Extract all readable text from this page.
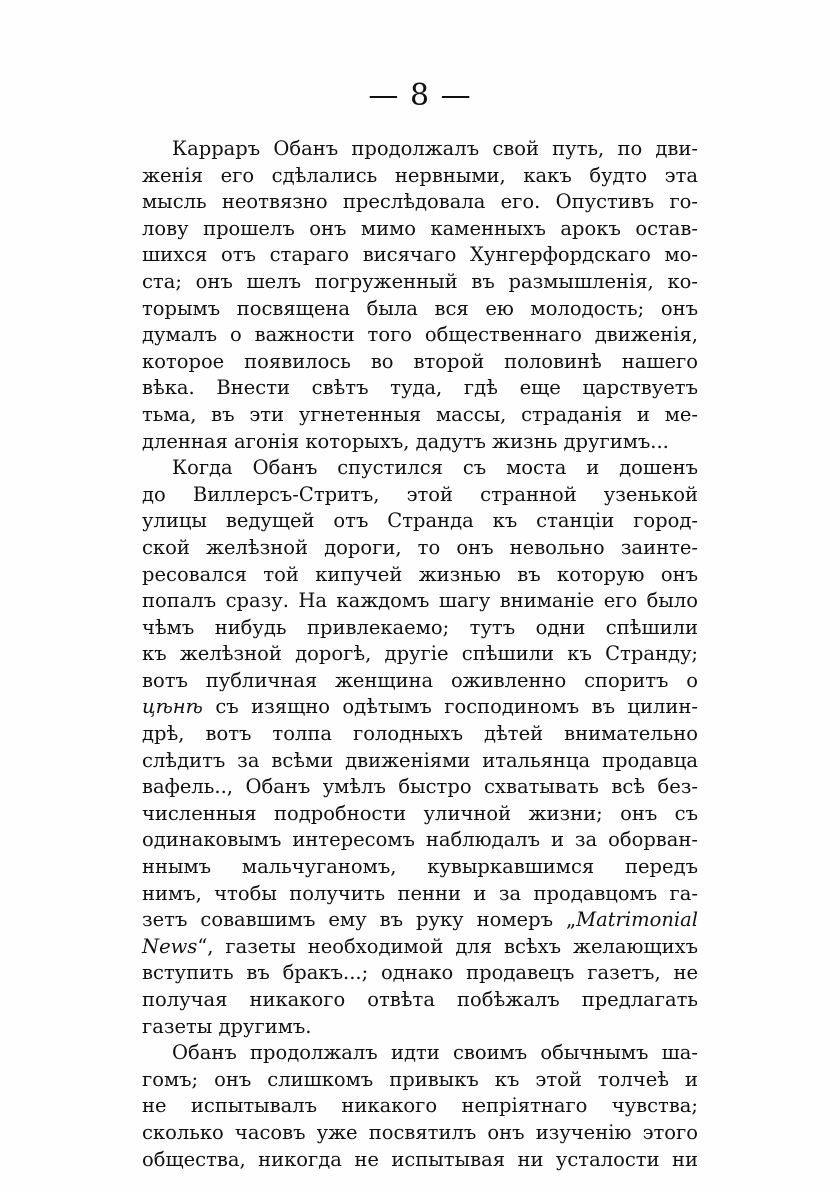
— 8 —
Карраръ Обанъ продолжалъ свой путь, по дви-
женія его сдѣлались нервными, какъ будто эта
мысль неотвязно преслѣдовала его. Опустивъ го-
лову прошелъ онъ мимо каменныхъ арокъ остав-
шихся отъ стараго висячаго Хунгерфордскаго мо-
ста; онъ шелъ погруженный въ размышленія, ко-
торымъ посвящена была вся ею молодость; онъ
думалъ о важности того общественнаго движенія,
которое появилось во второй половинѣ нашего
вѣка. Внести свѣтъ туда, гдѣ еще царствуетъ
тьма, въ эти угнетенныя массы, страданія и ме-
дленная агонія которыхъ, дадутъ жизнь другимъ...
Когда Обанъ спустился съ моста и дошенъ
до Виллерсъ-Стритъ, этой странной узенькой
улицы ведущей отъ Странда къ станціи город-
ской желѣзной дороги, то онъ невольно заинте-
ресовался той кипучей жизнью въ которую онъ
попалъ сразу. На каждомъ шагу вниманіе его было
чѣмъ нибудь привлекаемо; тутъ одни спѣшили
къ желѣзной дорогѣ, другіе спѣшили къ Странду;
вотъ публичная женщина оживленно споритъ о
цѣнѣ съ изящно одѣтымъ господиномъ въ цилин-
дрѣ, вотъ толпа голодныхъ дѣтей внимательно
слѣдитъ за всѣми движеніями итальянца продавца
вафель.., Обанъ умѣлъ быстро схватывать всѣ без-
численныя подробности уличной жизни; онъ съ
одинаковымъ интересомъ наблюдалъ и за оборван-
ннымъ мальчуганомъ, кувыркавшимся передъ
нимъ, чтобы получить пенни и за продавцомъ га-
зетъ совавшимъ ему въ руку номеръ „Matrimonial
News“, газеты необходимой для всѣхъ желающихъ
вступить въ бракъ...; однако продавецъ газетъ, не
получая никакого отвѣта побѣжалъ предлагать
газеты другимъ.
Обанъ продолжалъ идти своимъ обычнымъ ша-
гомъ; онъ слишкомъ привыкъ къ этой толчеѣ и
не испытывалъ никакого непріятнаго чувства;
сколько часовъ уже посвятилъ онъ изученію этого
общества, никогда не испытывая ни усталости ни
